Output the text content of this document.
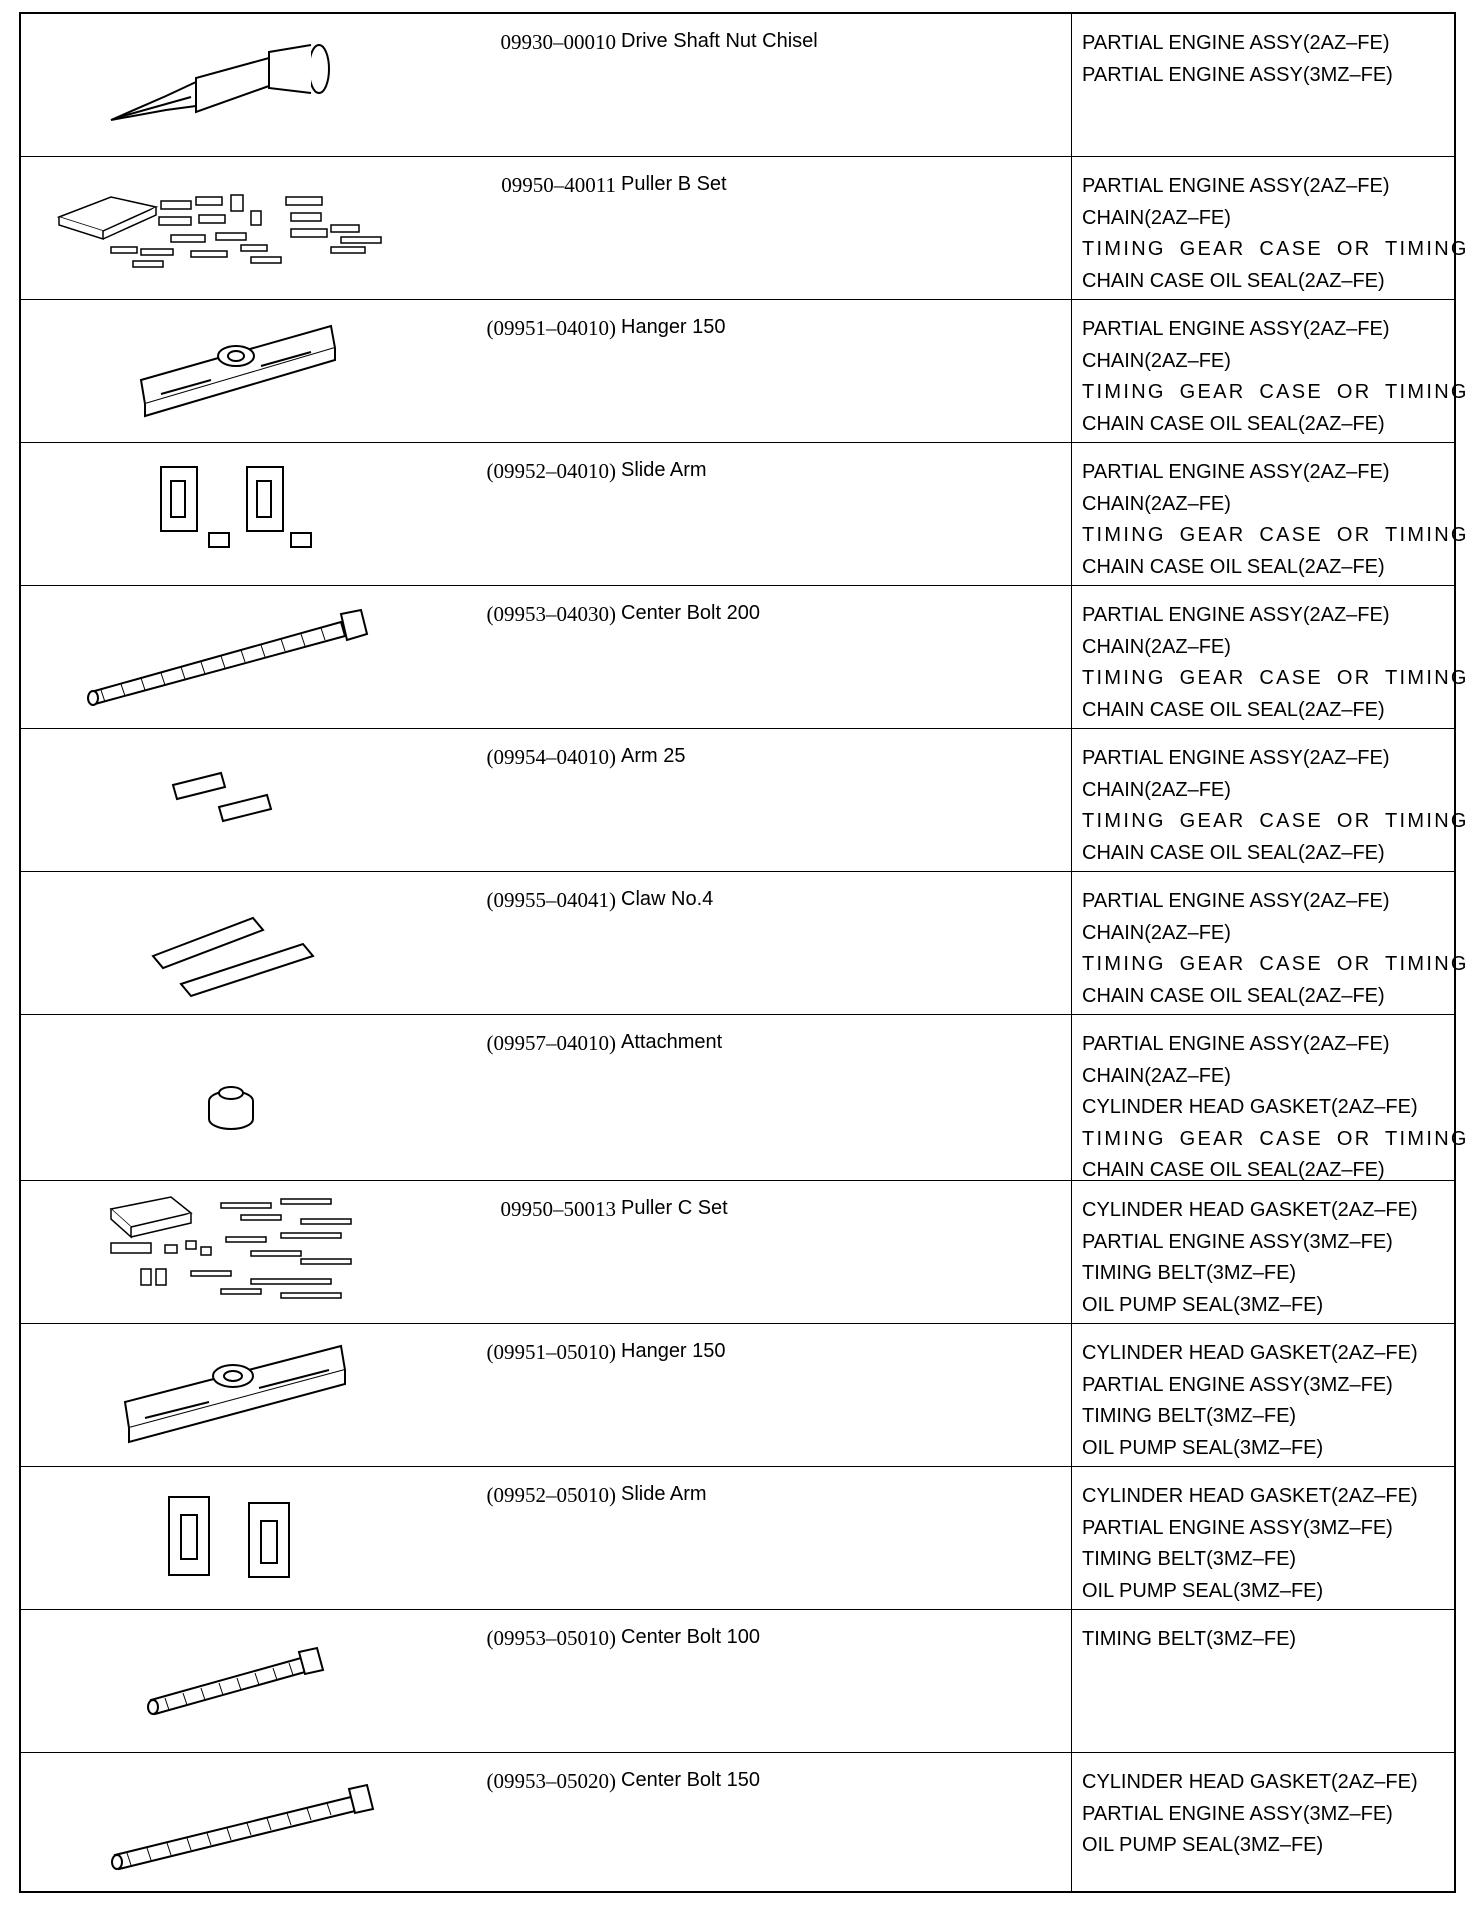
09930–00010 Drive Shaft Nut Chisel	PARTIAL ENGINE ASSY(2AZ–FE)
PARTIAL ENGINE ASSY(3MZ–FE)
09950–40011 Puller B Set	PARTIAL ENGINE ASSY(2AZ–FE)
CHAIN(2AZ–FE)
TIMING GEAR CASE OR TIMING
CHAIN CASE OIL SEAL(2AZ–FE)
(09951–04010) Hanger 150	PARTIAL ENGINE ASSY(2AZ–FE)
CHAIN(2AZ–FE)
TIMING GEAR CASE OR TIMING
CHAIN CASE OIL SEAL(2AZ–FE)
(09952–04010) Slide Arm	PARTIAL ENGINE ASSY(2AZ–FE)
CHAIN(2AZ–FE)
TIMING GEAR CASE OR TIMING
CHAIN CASE OIL SEAL(2AZ–FE)
(09953–04030) Center Bolt 200	PARTIAL ENGINE ASSY(2AZ–FE)
CHAIN(2AZ–FE)
TIMING GEAR CASE OR TIMING
CHAIN CASE OIL SEAL(2AZ–FE)
(09954–04010) Arm 25	PARTIAL ENGINE ASSY(2AZ–FE)
CHAIN(2AZ–FE)
TIMING GEAR CASE OR TIMING
CHAIN CASE OIL SEAL(2AZ–FE)
(09955–04041) Claw No.4	PARTIAL ENGINE ASSY(2AZ–FE)
CHAIN(2AZ–FE)
TIMING GEAR CASE OR TIMING
CHAIN CASE OIL SEAL(2AZ–FE)
(09957–04010) Attachment	PARTIAL ENGINE ASSY(2AZ–FE)
CHAIN(2AZ–FE)
CYLINDER HEAD GASKET(2AZ–FE)
TIMING GEAR CASE OR TIMING
CHAIN CASE OIL SEAL(2AZ–FE)
09950–50013 Puller C Set	CYLINDER HEAD GASKET(2AZ–FE)
PARTIAL ENGINE ASSY(3MZ–FE)
TIMING BELT(3MZ–FE)
OIL PUMP SEAL(3MZ–FE)
(09951–05010) Hanger 150	CYLINDER HEAD GASKET(2AZ–FE)
PARTIAL ENGINE ASSY(3MZ–FE)
TIMING BELT(3MZ–FE)
OIL PUMP SEAL(3MZ–FE)
(09952–05010) Slide Arm	CYLINDER HEAD GASKET(2AZ–FE)
PARTIAL ENGINE ASSY(3MZ–FE)
TIMING BELT(3MZ–FE)
OIL PUMP SEAL(3MZ–FE)
(09953–05010) Center Bolt 100	TIMING BELT(3MZ–FE)
(09953–05020) Center Bolt 150	CYLINDER HEAD GASKET(2AZ–FE)
PARTIAL ENGINE ASSY(3MZ–FE)
OIL PUMP SEAL(3MZ–FE)
